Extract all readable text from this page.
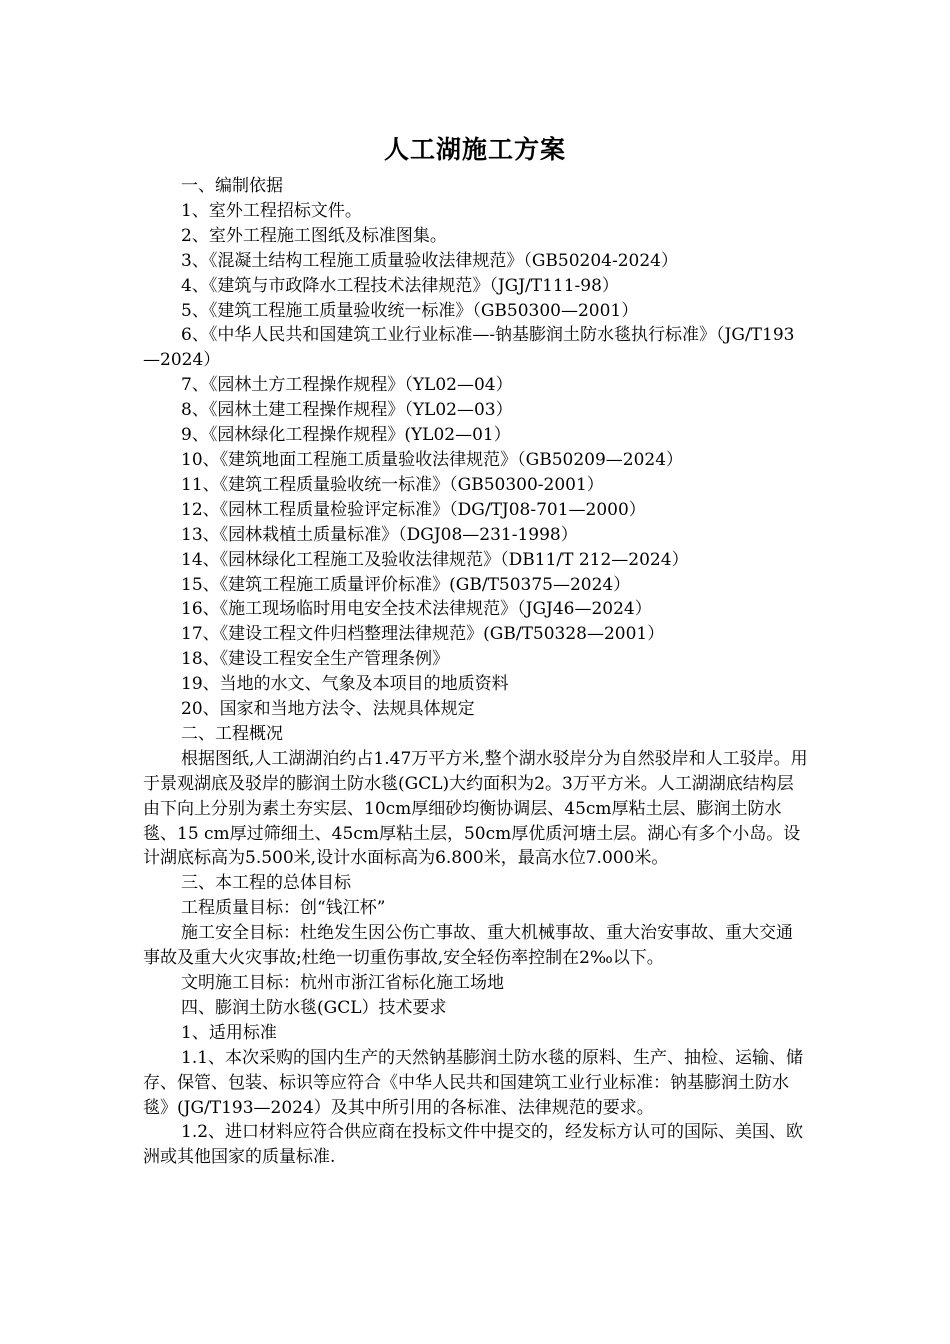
人工湖施工方案

一、编制依据

1、室外工程招标文件。

2、室外工程施工图纸及标准图集。

3、《混凝土结构工程施工质量验收法律规范》（GB50204-2024）

4、《建筑与市政降水工程技术法律规范》（JGJ/T111-98）

5、《建筑工程施工质量验收统一标准》（GB50300—2001）

6、《中华人民共和国建筑工业行业标准—-钠基膨润土防水毯执行标准》（JG/T193—2024）

7、《园林土方工程操作规程》（YL02—04）

8、《园林土建工程操作规程》（YL02—03）

9、《园林绿化工程操作规程》(YL02—01）

10、《建筑地面工程施工质量验收法律规范》（GB50209—2024）

11、《建筑工程质量验收统一标准》（GB50300-2001）

12、《园林工程质量检验评定标准》（DG/TJ08-701—2000）

13、《园林栽植土质量标准》（DGJ08—231-1998）

14、《园林绿化工程施工及验收法律规范》（DB11/T 212—2024）

15、《建筑工程施工质量评价标准》(GB/T50375—2024）

16、《施工现场临时用电安全技术法律规范》（JGJ46—2024）

17、《建设工程文件归档整理法律规范》(GB/T50328—2001）

18、《建设工程安全生产管理条例》

19、当地的水文、气象及本项目的地质资料

20、国家和当地方法令、法规具体规定

二、工程概况

根据图纸,人工湖湖泊约占1.47万平方米,整个湖水驳岸分为自然驳岸和人工驳岸。用于景观湖底及驳岸的膨润土防水毯(GCL)大约面积为2。3万平方米。人工湖湖底结构层由下向上分别为素土夯实层、10cm厚细砂均衡协调层、45cm厚粘土层、膨润土防水毯、15 cm厚过筛细土、45cm厚粘土层，50cm厚优质河塘土层。湖心有多个小岛。设计湖底标高为5.500米,设计水面标高为6.800米，最高水位7.000米。

三、本工程的总体目标

工程质量目标：创“钱江杯”

施工安全目标：杜绝发生因公伤亡事故、重大机械事故、重大治安事故、重大交通事故及重大火灾事故;杜绝一切重伤事故,安全轻伤率控制在2‰以下。

文明施工目标：杭州市浙江省标化施工场地

四、膨润土防水毯(GCL）技术要求

1、适用标准

1.1、本次采购的国内生产的天然钠基膨润土防水毯的原料、生产、抽检、运输、储存、保管、包装、标识等应符合《中华人民共和国建筑工业行业标准：钠基膨润土防水毯》(JG/T193—2024）及其中所引用的各标准、法律规范的要求。

1.2、进口材料应符合供应商在投标文件中提交的，经发标方认可的国际、美国、欧洲或其他国家的质量标准.
